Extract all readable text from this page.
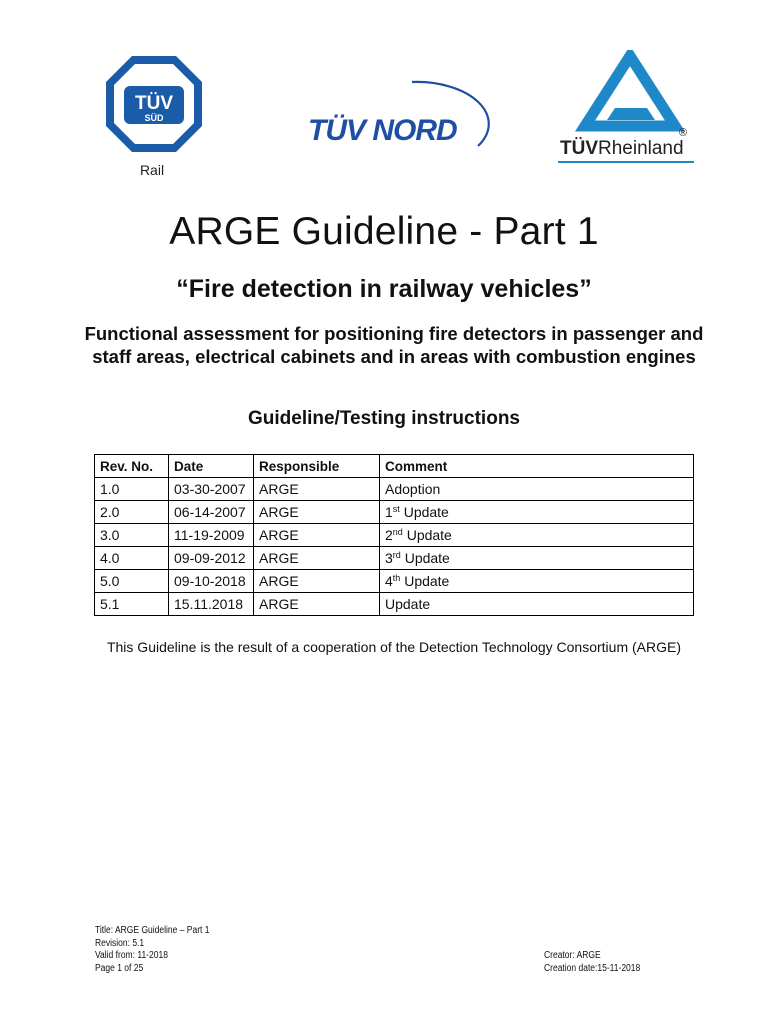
TÜV
SÜD
Rail
TÜV NORD	®
TÜVRheinland
ARGE Guideline - Part 1
“Fire detection in railway vehicles”

Functional assessment for positioning fire detectors in passenger and staff areas, electrical cabinets and in areas with combustion engines

Guideline/Testing instructions

Rev. No.	Date	Responsible	Comment
1.0	03-30-2007	ARGE	Adoption
2.0	06-14-2007	ARGE	1st Update
3.0	11-19-2009	ARGE	2nd Update
4.0	09-09-2012	ARGE	3rd Update
5.0	09-10-2018	ARGE	4th Update
5.1	15.11.2018	ARGE	Update

This Guideline is the result of a cooperation of the Detection Technology Consortium (ARGE)

Title: ARGE Guideline – Part 1
Revision: 5.1
Valid from: 11-2018
Page 1 of 25
Creator: ARGE
Creation date:15-11-2018
